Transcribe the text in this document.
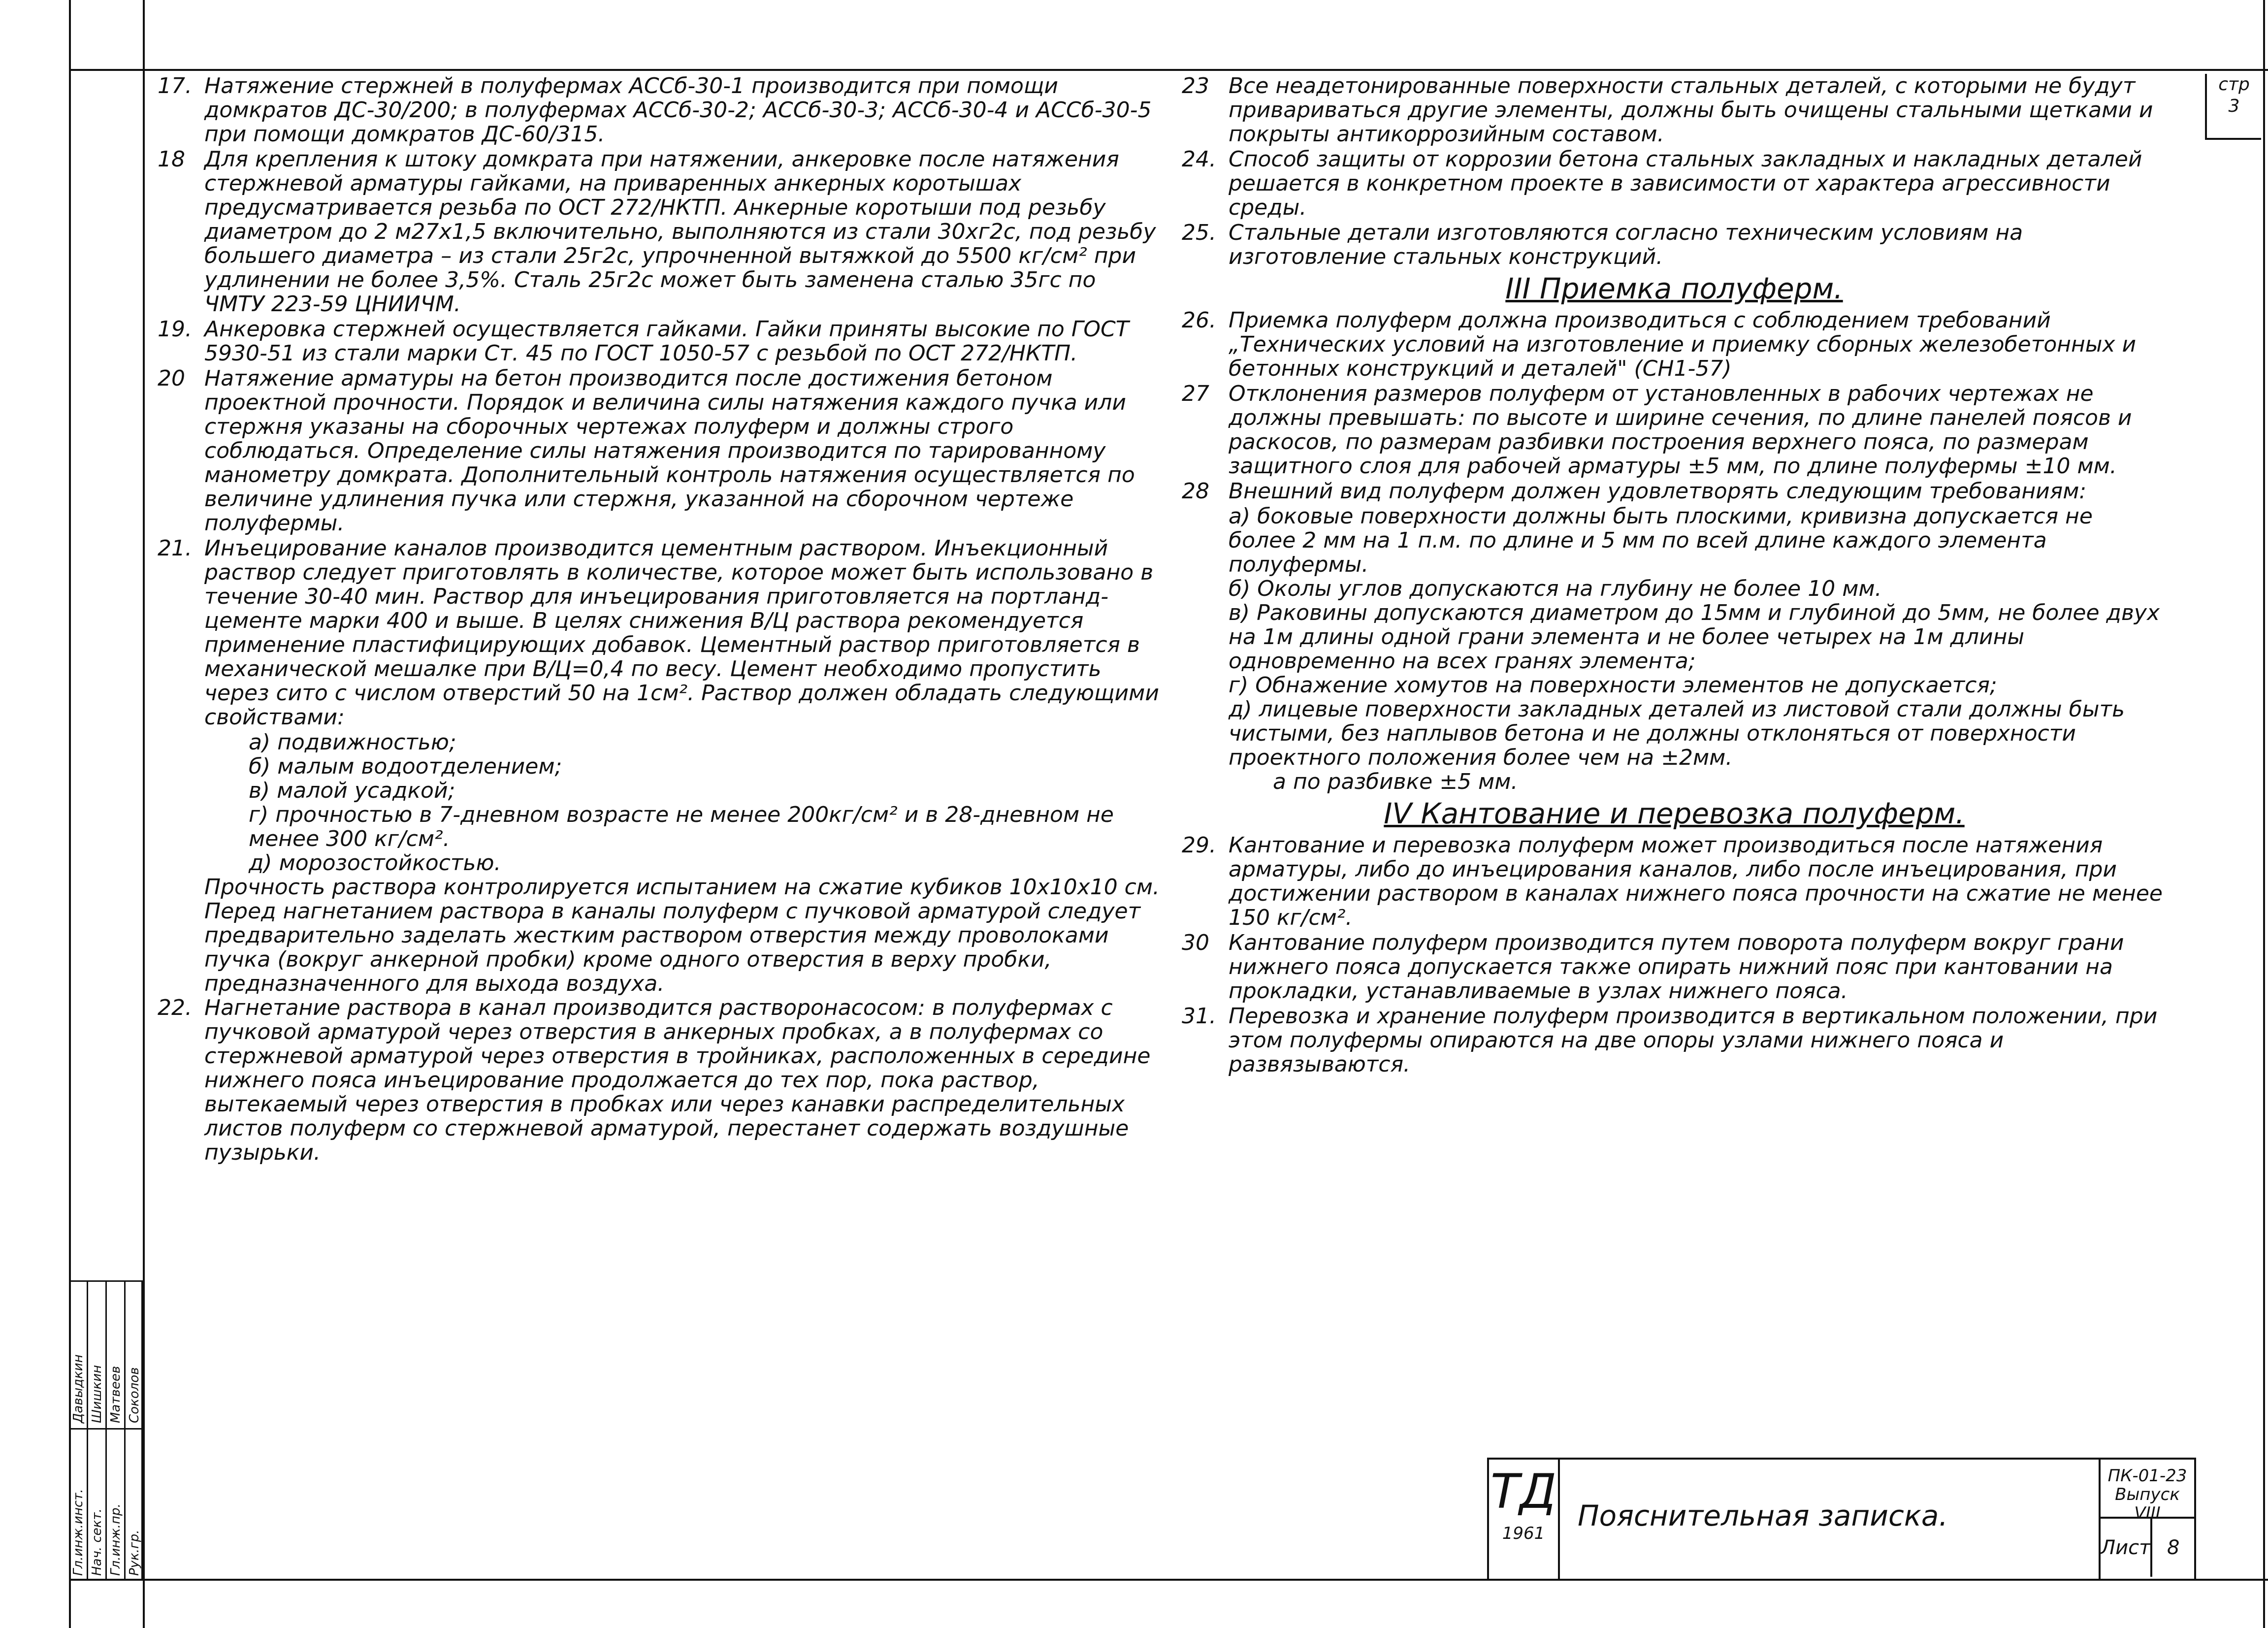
стр
3
17. Натяжение стержней в полуфермах АССб-30-1 производится при помощи домкратов ДС-30/200; в полуфермах АССб-30-2; АССб-30-3; АССб-30-4 и АССб-30-5 при помощи домкратов ДС-60/315.
18 Для крепления к штоку домкрата при натяжении, анкеровке после натяжения стержневой арматуры гайками, на приваренных анкерных коротышах предусматривается резьба по ОСТ 272/НКТП. Анкерные коротыши под резьбу диаметром до 2 м27х1,5 включительно, выполняются из стали 30хг2с, под резьбу большего диаметра – из стали 25г2с, упрочненной вытяжкой до 5500 кг/см² при удлинении не более 3,5%. Сталь 25г2с может быть заменена сталью 35гс по ЧМТУ 223-59 ЦНИИЧМ.
19. Анкеровка стержней осуществляется гайками. Гайки приняты высокие по ГОСТ 5930-51 из стали марки Ст. 45 по ГОСТ 1050-57 с резьбой по ОСТ 272/НКТП.
20 Натяжение арматуры на бетон производится после достижения бетоном проектной прочности. Порядок и величина силы натяжения каждого пучка или стержня указаны на сборочных чертежах полуферм и должны строго соблюдаться. Определение силы натяжения производится по тарированному манометру домкрата. Дополнительный контроль натяжения осуществляется по величине удлинения пучка или стержня, указанной на сборочном чертеже полуфермы.
21. Инъецирование каналов производится цементным раствором. Инъекционный раствор следует приготовлять в количестве, которое может быть использовано в течение 30-40 мин. Раствор для инъецирования приготовляется на портланд-цементе марки 400 и выше. В целях снижения В/Ц раствора рекомендуется применение пластифицирующих добавок. Цементный раствор приготовляется в механической мешалке при В/Ц=0,4 по весу. Цемент необходимо пропустить через сито с числом отверстий 50 на 1см². Раствор должен обладать следующими свойствами:
а) подвижностью;
б) малым водоотделением;
в) малой усадкой;
г) прочностью в 7-дневном возрасте не менее 200кг/см² и в 28-дневном не менее 300 кг/см².
д) морозостойкостью.
Прочность раствора контролируется испытанием на сжатие кубиков 10х10х10 см.
Перед нагнетанием раствора в каналы полуферм с пучковой арматурой следует предварительно заделать жестким раствором отверстия между проволоками пучка (вокруг анкерной пробки) кроме одного отверстия в верху пробки, предназначенного для выхода воздуха.
22. Нагнетание раствора в канал производится растворонасосом: в полуфермах с пучковой арматурой через отверстия в анкерных пробках, а в полуфермах со стержневой арматурой через отверстия в тройниках, расположенных в середине нижнего пояса инъецирование продолжается до тех пор, пока раствор, вытекаемый через отверстия в пробках или через канавки распределительных листов полуферм со стержневой арматурой, перестанет содержать воздушные пузырьки.
23 Все неадетонированные поверхности стальных деталей, с которыми не будут привариваться другие элементы, должны быть очищены стальными щетками и покрыты антикоррозийным составом.
24. Способ защиты от коррозии бетона стальных закладных и накладных деталей решается в конкретном проекте в зависимости от характера агрессивности среды.
25. Стальные детали изготовляются согласно техническим условиям на изготовление стальных конструкций.
III Приемка полуферм.
26. Приемка полуферм должна производиться с соблюдением требований „Технических условий на изготовление и приемку сборных железобетонных и бетонных конструкций и деталей" (СН1-57)
27 Отклонения размеров полуферм от установленных в рабочих чертежах не должны превышать: по высоте и ширине сечения, по длине панелей поясов и раскосов, по размерам разбивки построения верхнего пояса, по размерам защитного слоя для рабочей арматуры ±5 мм, по длине полуфермы ±10 мм.
28 Внешний вид полуферм должен удовлетворять следующим требованиям:
а) боковые поверхности должны быть плоскими, кривизна допускается не более 2 мм на 1 п.м. по длине и 5 мм по всей длине каждого элемента полуфермы.
б) Околы углов допускаются на глубину не более 10 мм.
в) Раковины допускаются диаметром до 15мм и глубиной до 5мм, не более двух на 1м длины одной грани элемента и не более четырех на 1м длины одновременно на всех гранях элемента;
г) Обнажение хомутов на поверхности элементов не допускается;
д) лицевые поверхности закладных деталей из листовой стали должны быть чистыми, без наплывов бетона и не должны отклоняться от поверхности проектного положения более чем на ±2мм.
а по разбивке ±5 мм.
IV Кантование и перевозка полуферм.
29. Кантование и перевозка полуферм может производиться после натяжения арматуры, либо до инъецирования каналов, либо после инъецирования, при достижении раствором в каналах нижнего пояса прочности на сжатие не менее 150 кг/см².
30 Кантование полуферм производится путем поворота полуферм вокруг грани нижнего пояса допускается также опирать нижний пояс при кантовании на прокладки, устанавливаемые в узлах нижнего пояса.
31. Перевозка и хранение полуферм производится в вертикальном положении, при этом полуфермы опираются на две опоры узлами нижнего пояса и развязываются.
Гл.инж.инст. Нач. сект. Гл.инж.пр. Рук.гр.
Давыдкин Шишкин Матвеев Соколов
ТД
1961
Пояснительная записка.
ПК-01-23
Выпуск VIII
Лист 8
